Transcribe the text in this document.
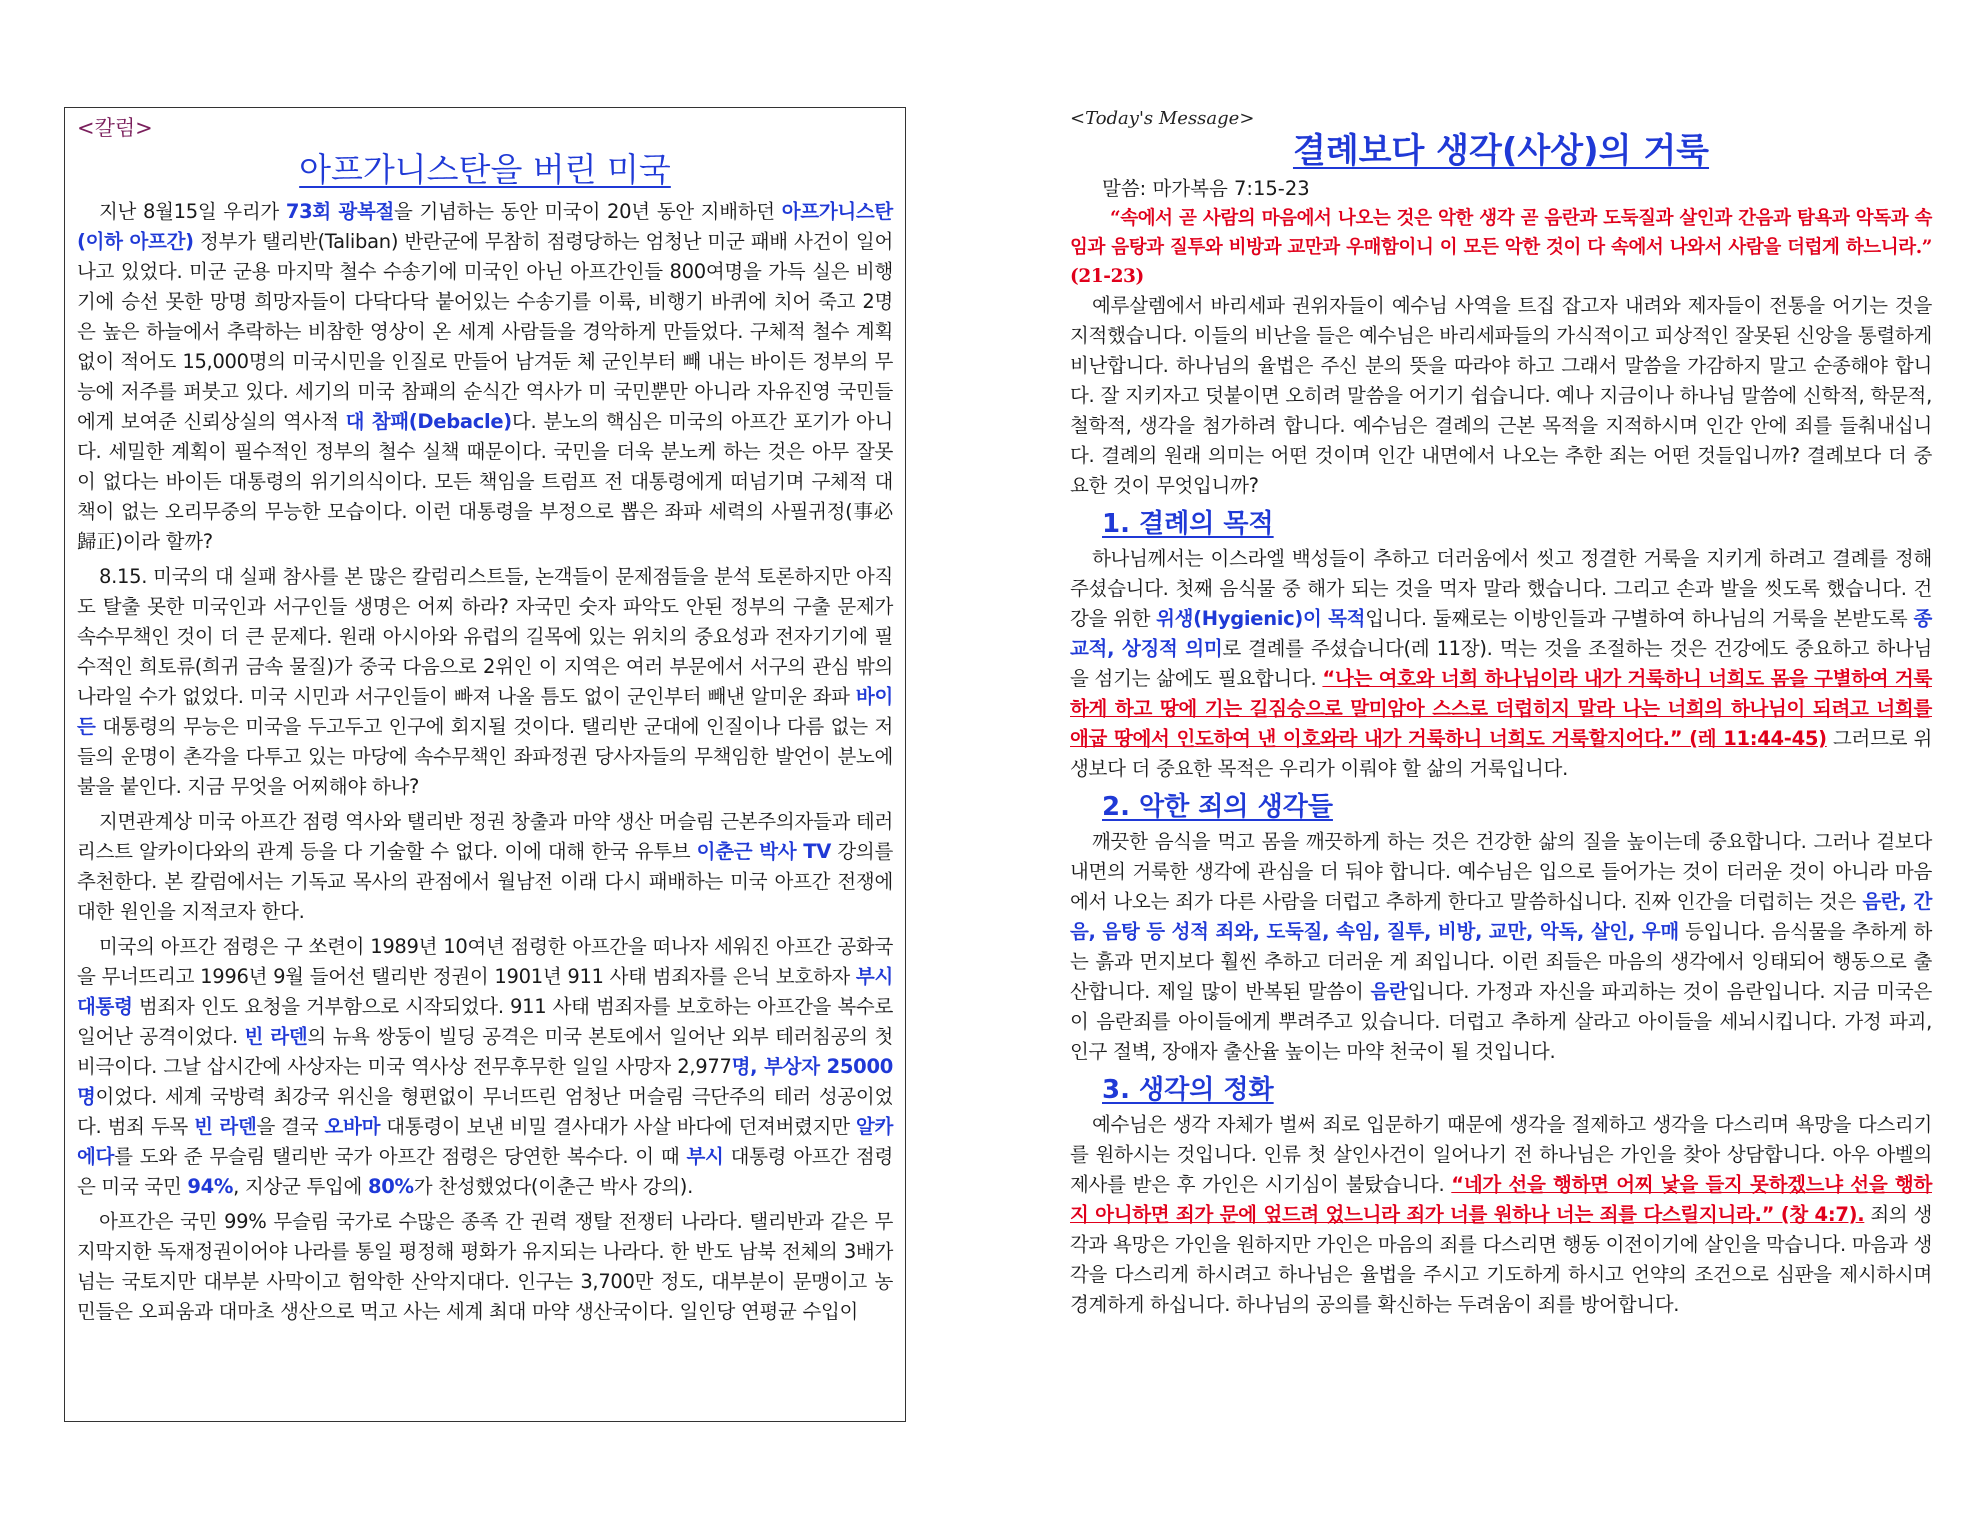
<칼럼>
아프가니스탄을 버린 미국

지난 8월15일 우리가 73회 광복절을 기념하는 동안 미국이 20년 동안 지배하던 아프가니스탄(이하 아프간) 정부가 탤리반(Taliban) 반란군에 무참히 점령당하는 엄청난 미군 패배 사건이 일어나고 있었다. 미군 군용 마지막 철수 수송기에 미국인 아닌 아프간인들 800여명을 가득 실은 비행기에 승선 못한 망명 희망자들이 다닥다닥 붙어있는 수송기를 이륙, 비행기 바퀴에 치어 죽고 2명은 높은 하늘에서 추락하는 비참한 영상이 온 세계 사람들을 경악하게 만들었다. 구체적 철수 계획 없이 적어도 15,000명의 미국시민을 인질로 만들어 남겨둔 체 군인부터 빼 내는 바이든 정부의 무능에 저주를 퍼붓고 있다. 세기의 미국 참패의 순식간 역사가 미 국민뿐만 아니라 자유진영 국민들에게 보여준 신뢰상실의 역사적 대 참패(Debacle)다. 분노의 핵심은 미국의 아프간 포기가 아니다. 세밀한 계획이 필수적인 정부의 철수 실책 때문이다. 국민을 더욱 분노케 하는 것은 아무 잘못이 없다는 바이든 대통령의 위기의식이다. 모든 책임을 트럼프 전 대통령에게 떠넘기며 구체적 대책이 없는 오리무중의 무능한 모습이다. 이런 대통령을 부정으로 뽑은 좌파 세력의 사필귀정(事必歸正)이라 할까?

8.15. 미국의 대 실패 참사를 본 많은 칼럼리스트들, 논객들이 문제점들을 분석 토론하지만 아직도 탈출 못한 미국인과 서구인들 생명은 어찌 하라? 자국민 숫자 파악도 안된 정부의 구출 문제가 속수무책인 것이 더 큰 문제다. 원래 아시아와 유럽의 길목에 있는 위치의 중요성과 전자기기에 필수적인 희토류(희귀 금속 물질)가 중국 다음으로 2위인 이 지역은 여러 부문에서 서구의 관심 밖의 나라일 수가 없었다. 미국 시민과 서구인들이 빠져 나올 틈도 없이 군인부터 빼낸 알미운 좌파 바이든 대통령의 무능은 미국을 두고두고 인구에 회지될 것이다. 탤리반 군대에 인질이나 다름 없는 저들의 운명이 촌각을 다투고 있는 마당에 속수무책인 좌파정권 당사자들의 무책임한 발언이 분노에 불을 붙인다. 지금 무엇을 어찌해야 하나?

지면관계상 미국 아프간 점령 역사와 탤리반 정권 창출과 마약 생산 머슬림 근본주의자들과 테러리스트 알카이다와의 관계 등을 다 기술할 수 없다. 이에 대해 한국 유투브 이춘근 박사 TV 강의를 추천한다. 본 칼럼에서는 기독교 목사의 관점에서 월남전 이래 다시 패배하는 미국 아프간 전쟁에 대한 원인을 지적코자 한다.

미국의 아프간 점령은 구 쏘련이 1989년 10여년 점령한 아프간을 떠나자 세워진 아프간 공화국을 무너뜨리고 1996년 9월 들어선 탤리반 정권이 1901년 911 사태 범죄자를 은닉 보호하자 부시 대통령 범죄자 인도 요청을 거부함으로 시작되었다. 911 사태 범죄자를 보호하는 아프간을 복수로 일어난 공격이었다. 빈 라덴의 뉴욕 쌍둥이 빌딩 공격은 미국 본토에서 일어난 외부 테러침공의 첫 비극이다. 그날 삽시간에 사상자는 미국 역사상 전무후무한 일일 사망자 2,977명, 부상자 25000명이었다. 세계 국방력 최강국 위신을 형편없이 무너뜨린 엄청난 머슬림 극단주의 테러 성공이었다. 범죄 두목 빈 라덴을 결국 오바마 대통령이 보낸 비밀 결사대가 사살 바다에 던져버렸지만 알카에다를 도와 준 무슬림 탤리반 국가 아프간 점령은 당연한 복수다. 이 때 부시 대통령 아프간 점령은 미국 국민 94%, 지상군 투입에 80%가 찬성했었다(이춘근 박사 강의).

아프간은 국민 99% 무슬림 국가로 수많은 종족 간 권력 쟁탈 전쟁터 나라다. 탤리반과 같은 무지막지한 독재정권이어야 나라를 통일 평정해 평화가 유지되는 나라다. 한 반도 남북 전체의 3배가 넘는 국토지만 대부분 사막이고 험악한 산악지대다. 인구는 3,700만 정도, 대부분이 문맹이고 농민들은 오피움과 대마초 생산으로 먹고 사는 세계 최대 마약 생산국이다. 일인당 연평균 수입이

<Today's Message>
결례보다 생각(사상)의 거룩
말씀: 마가복음 7:15-23

“속에서 곧 사람의 마음에서 나오는 것은 악한 생각 곧 음란과 도둑질과 살인과 간음과 탐욕과 악독과 속임과 음탕과 질투와 비방과 교만과 우매함이니 이 모든 악한 것이 다 속에서 나와서 사람을 더럽게 하느니라.” (21-23)

예루살렘에서 바리세파 권위자들이 예수님 사역을 트집 잡고자 내려와 제자들이 전통을 어기는 것을 지적했습니다. 이들의 비난을 들은 예수님은 바리세파들의 가식적이고 피상적인 잘못된 신앙을 통렬하게 비난합니다. 하나님의 율법은 주신 분의 뜻을 따라야 하고 그래서 말씀을 가감하지 말고 순종해야 합니다. 잘 지키자고 덧붙이면 오히려 말씀을 어기기 쉽습니다. 예나 지금이나 하나님 말씀에 신학적, 학문적, 철학적, 생각을 첨가하려 합니다. 예수님은 결례의 근본 목적을 지적하시며 인간 안에 죄를 들춰내십니다. 결례의 원래 의미는 어떤 것이며 인간 내면에서 나오는 추한 죄는 어떤 것들입니까? 결례보다 더 중요한 것이 무엇입니까?

1. 결례의 목적

하나님께서는 이스라엘 백성들이 추하고 더러움에서 씻고 정결한 거룩을 지키게 하려고 결례를 정해주셨습니다. 첫째 음식물 중 해가 되는 것을 먹자 말라 했습니다. 그리고 손과 발을 씻도록 했습니다. 건강을 위한 위생(Hygienic)이 목적입니다. 둘째로는 이방인들과 구별하여 하나님의 거룩을 본받도록 종교적, 상징적 의미로 결례를 주셨습니다(레 11장). 먹는 것을 조절하는 것은 건강에도 중요하고 하나님을 섬기는 삶에도 필요합니다. “나는 여호와 너희 하나님이라 내가 거룩하니 너희도 몸을 구별하여 거룩하게 하고 땅에 기는 길짐승으로 말미암아 스스로 더럽히지 말라 나는 너희의 하나님이 되려고 너희를 애굽 땅에서 인도하여 낸 이호와라 내가 거룩하니 너희도 거룩할지어다.” (레 11:44-45) 그러므로 위생보다 더 중요한 목적은 우리가 이뤄야 할 삶의 거룩입니다.

2. 악한 죄의 생각들

깨끗한 음식을 먹고 몸을 깨끗하게 하는 것은 건강한 삶의 질을 높이는데 중요합니다. 그러나 겉보다 내면의 거룩한 생각에 관심을 더 둬야 합니다. 예수님은 입으로 들어가는 것이 더러운 것이 아니라 마음에서 나오는 죄가 다른 사람을 더럽고 추하게 한다고 말씀하십니다. 진짜 인간을 더럽히는 것은 음란, 간음, 음탕 등 성적 죄와, 도둑질, 속임, 질투, 비방, 교만, 악독, 살인, 우매 등입니다. 음식물을 추하게 하는 흙과 먼지보다 훨씬 추하고 더러운 게 죄입니다. 이런 죄들은 마음의 생각에서 잉태되어 행동으로 출산합니다. 제일 많이 반복된 말씀이 음란입니다. 가정과 자신을 파괴하는 것이 음란입니다. 지금 미국은 이 음란죄를 아이들에게 뿌려주고 있습니다. 더럽고 추하게 살라고 아이들을 세뇌시킵니다. 가정 파괴, 인구 절벽, 장애자 출산율 높이는 마약 천국이 될 것입니다.

3. 생각의 정화

예수님은 생각 자체가 벌써 죄로 입문하기 때문에 생각을 절제하고 생각을 다스리며 욕망을 다스리기를 원하시는 것입니다. 인류 첫 살인사건이 일어나기 전 하나님은 가인을 찾아 상담합니다. 아우 아벨의 제사를 받은 후 가인은 시기심이 불탔습니다. “네가 선을 행하면 어찌 낯을 들지 못하겠느냐 선을 행하지 아니하면 죄가 문에 엎드려 었느니라 죄가 너를 원하나 너는 죄를 다스릴지니라.” (창 4:7). 죄의 생각과 욕망은 가인을 원하지만 가인은 마음의 죄를 다스리면 행동 이전이기에 살인을 막습니다. 마음과 생각을 다스리게 하시려고 하나님은 율법을 주시고 기도하게 하시고 언약의 조건으로 심판을 제시하시며 경계하게 하십니다. 하나님의 공의를 확신하는 두려움이 죄를 방어합니다.
